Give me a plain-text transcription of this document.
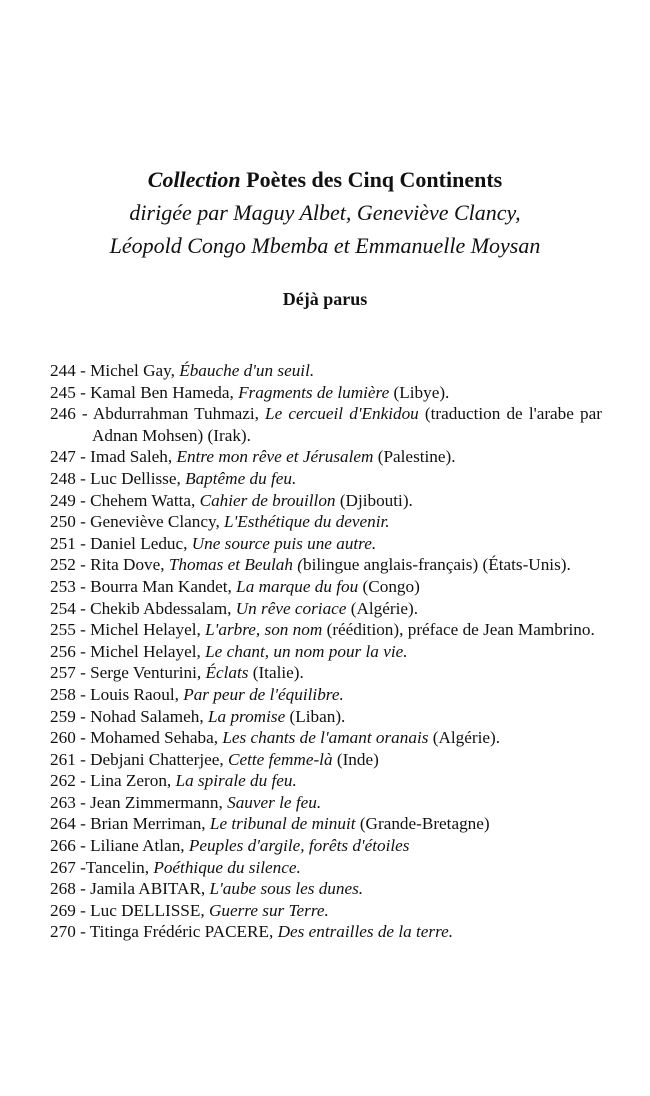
Collection Poètes des Cinq Continents
dirigée par Maguy Albet, Geneviève Clancy,
Léopold Congo Mbemba et Emmanuelle Moysan
Déjà parus
244 - Michel Gay, Ébauche d'un seuil.
245 - Kamal Ben Hameda, Fragments de lumière (Libye).
246 - Abdurrahman Tuhmazi, Le cercueil d'Enkidou (traduction de l'arabe par Adnan Mohsen) (Irak).
247 - Imad Saleh, Entre mon rêve et Jérusalem (Palestine).
248 - Luc Dellisse, Baptême du feu.
249 - Chehem Watta, Cahier de brouillon (Djibouti).
250 - Geneviève Clancy, L'Esthétique du devenir.
251 - Daniel Leduc, Une source puis une autre.
252 - Rita Dove, Thomas et Beulah (bilingue anglais-français) (États-Unis).
253 - Bourra Man Kandet, La marque du fou (Congo)
254 - Chekib Abdessalam, Un rêve coriace (Algérie).
255 - Michel Helayel, L'arbre, son nom (réédition), préface de Jean Mambrino.
256 - Michel Helayel, Le chant, un nom pour la vie.
257 - Serge Venturini, Éclats (Italie).
258 - Louis Raoul, Par peur de l'équilibre.
259 - Nohad Salameh, La promise (Liban).
260 - Mohamed Sehaba, Les chants de l'amant oranais (Algérie).
261 - Debjani Chatterjee, Cette femme-là (Inde)
262 - Lina Zeron, La spirale du feu.
263 - Jean Zimmermann, Sauver le feu.
264 - Brian Merriman, Le tribunal de minuit (Grande-Bretagne)
266 - Liliane Atlan, Peuples d'argile, forêts d'étoiles
267 -Tancelin, Poéthique du silence.
268 - Jamila ABITAR, L'aube sous les dunes.
269 - Luc DELLISSE, Guerre sur Terre.
270 - Titinga Frédéric PACERE, Des entrailles de la terre.
